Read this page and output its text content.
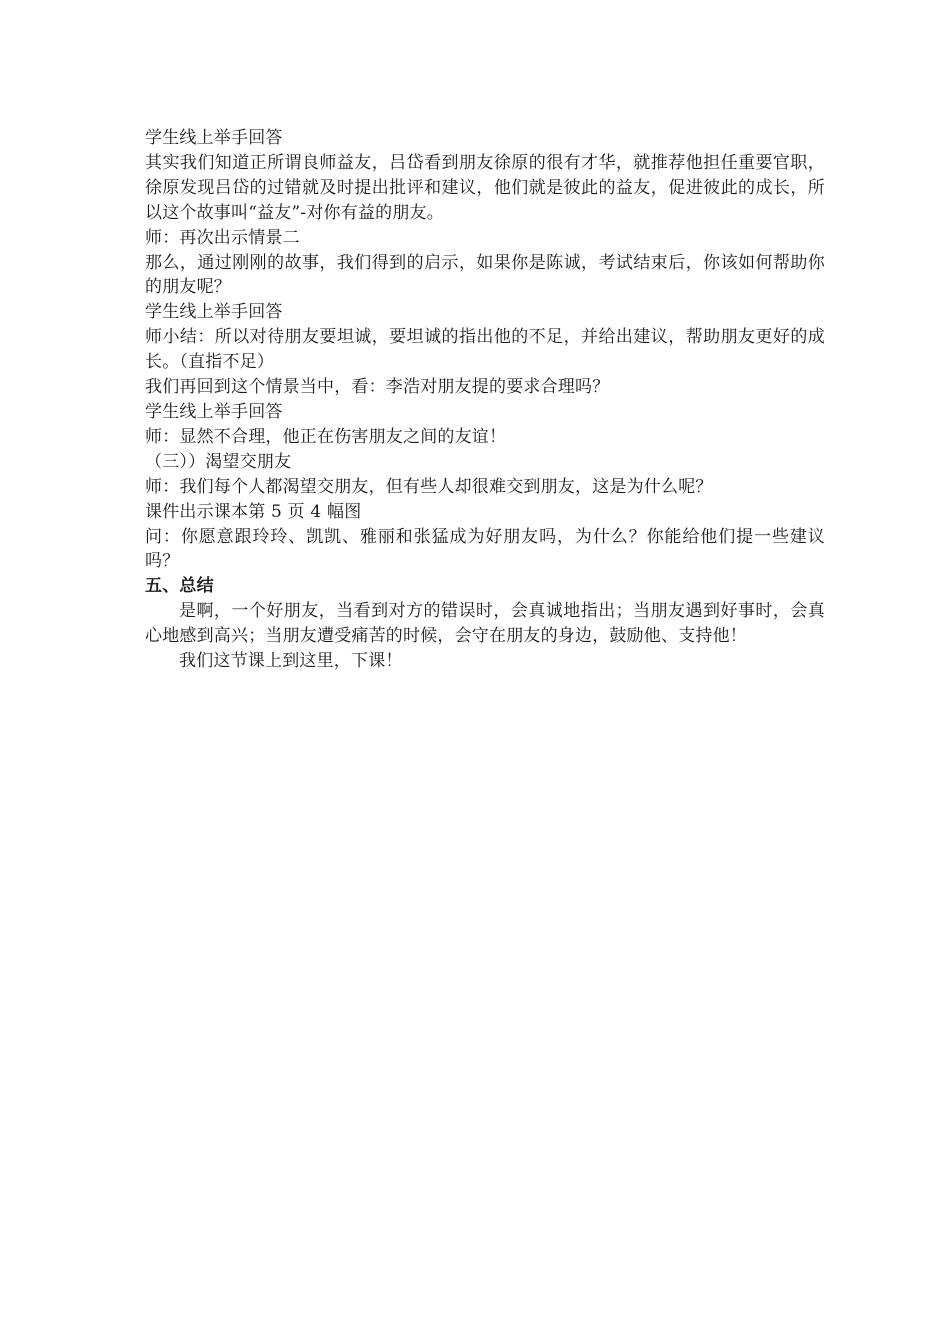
学生线上举手回答

其实我们知道正所谓良师益友，吕岱看到朋友徐原的很有才华，就推荐他担任重要官职，徐原发现吕岱的过错就及时提出批评和建议，他们就是彼此的益友，促进彼此的成长，所以这个故事叫“益友”-对你有益的朋友。

师：再次出示情景二

那么，通过刚刚的故事，我们得到的启示，如果你是陈诚，考试结束后，你该如何帮助你的朋友呢？

学生线上举手回答

师小结：所以对待朋友要坦诚，要坦诚的指出他的不足，并给出建议，帮助朋友更好的成长。（直指不足）

我们再回到这个情景当中，看：李浩对朋友提的要求合理吗？

学生线上举手回答

师：显然不合理，他正在伤害朋友之间的友谊！

（三））渴望交朋友

师：我们每个人都渴望交朋友，但有些人却很难交到朋友，这是为什么呢？

课件出示课本第 5 页 4 幅图

问：你愿意跟玲玲、凯凯、雅丽和张猛成为好朋友吗，为什么？你能给他们提一些建议吗？

五、总结

是啊，一个好朋友，当看到对方的错误时，会真诚地指出；当朋友遇到好事时，会真心地感到高兴；当朋友遭受痛苦的时候，会守在朋友的身边，鼓励他、支持他！

我们这节课上到这里，下课！
